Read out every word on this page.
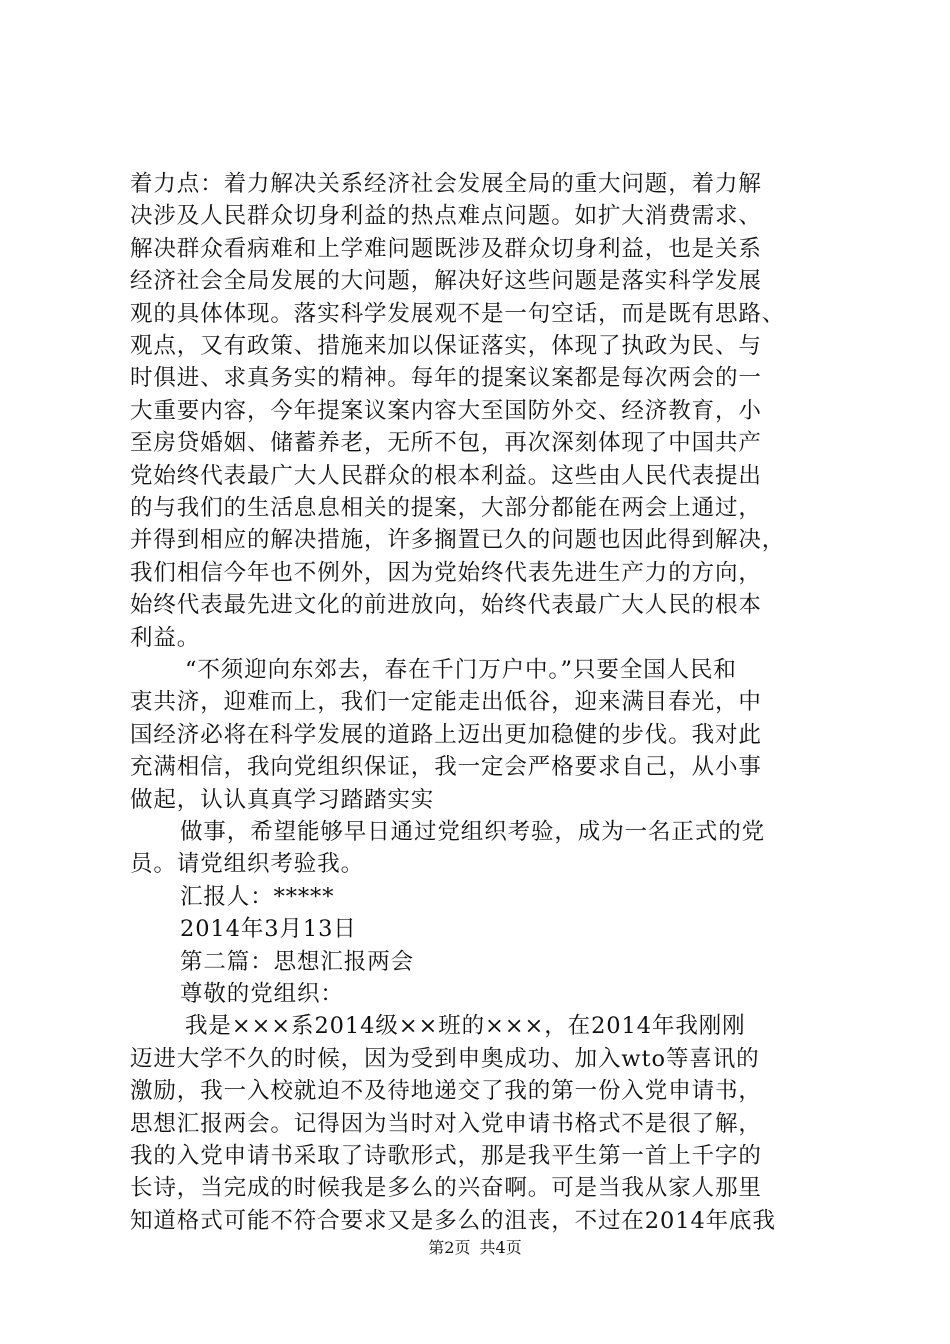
着力点：着力解决关系经济社会发展全局的重大问题，着力解
决涉及人民群众切身利益的热点难点问题。如扩大消费需求、
解决群众看病难和上学难问题既涉及群众切身利益，也是关系
经济社会全局发展的大问题，解决好这些问题是落实科学发展
观的具体体现。落实科学发展观不是一句空话，而是既有思路、
观点，又有政策、措施来加以保证落实，体现了执政为民、与
时俱进、求真务实的精神。每年的提案议案都是每次两会的一
大重要内容，今年提案议案内容大至国防外交、经济教育，小
至房贷婚姻、储蓄养老，无所不包，再次深刻体现了中国共产
党始终代表最广大人民群众的根本利益。这些由人民代表提出
的与我们的生活息息相关的提案，大部分都能在两会上通过，
并得到相应的解决措施，许多搁置已久的问题也因此得到解决，
我们相信今年也不例外，因为党始终代表先进生产力的方向，
始终代表最先进文化的前进放向，始终代表最广大人民的根本
利益。
“不须迎向东郊去，春在千门万户中。”只要全国人民和
衷共济，迎难而上，我们一定能走出低谷，迎来满目春光，中
国经济必将在科学发展的道路上迈出更加稳健的步伐。我对此
充满相信，我向党组织保证，我一定会严格要求自己，从小事
做起，认认真真学习踏踏实实
做事，希望能够早日通过党组织考验，成为一名正式的党
员。请党组织考验我。
汇报人：*****
2014年3月13日
第二篇：思想汇报两会
尊敬的党组织：
我是×××系2014级××班的×××，在2014年我刚刚
迈进大学不久的时候，因为受到申奥成功、加入wto等喜讯的
激励，我一入校就迫不及待地递交了我的第一份入党申请书，
思想汇报两会。记得因为当时对入党申请书格式不是很了解，
我的入党申请书采取了诗歌形式，那是我平生第一首上千字的
长诗，当完成的时候我是多么的兴奋啊。可是当我从家人那里
知道格式可能不符合要求又是多么的沮丧，不过在2014年底我
第2页 共4页
